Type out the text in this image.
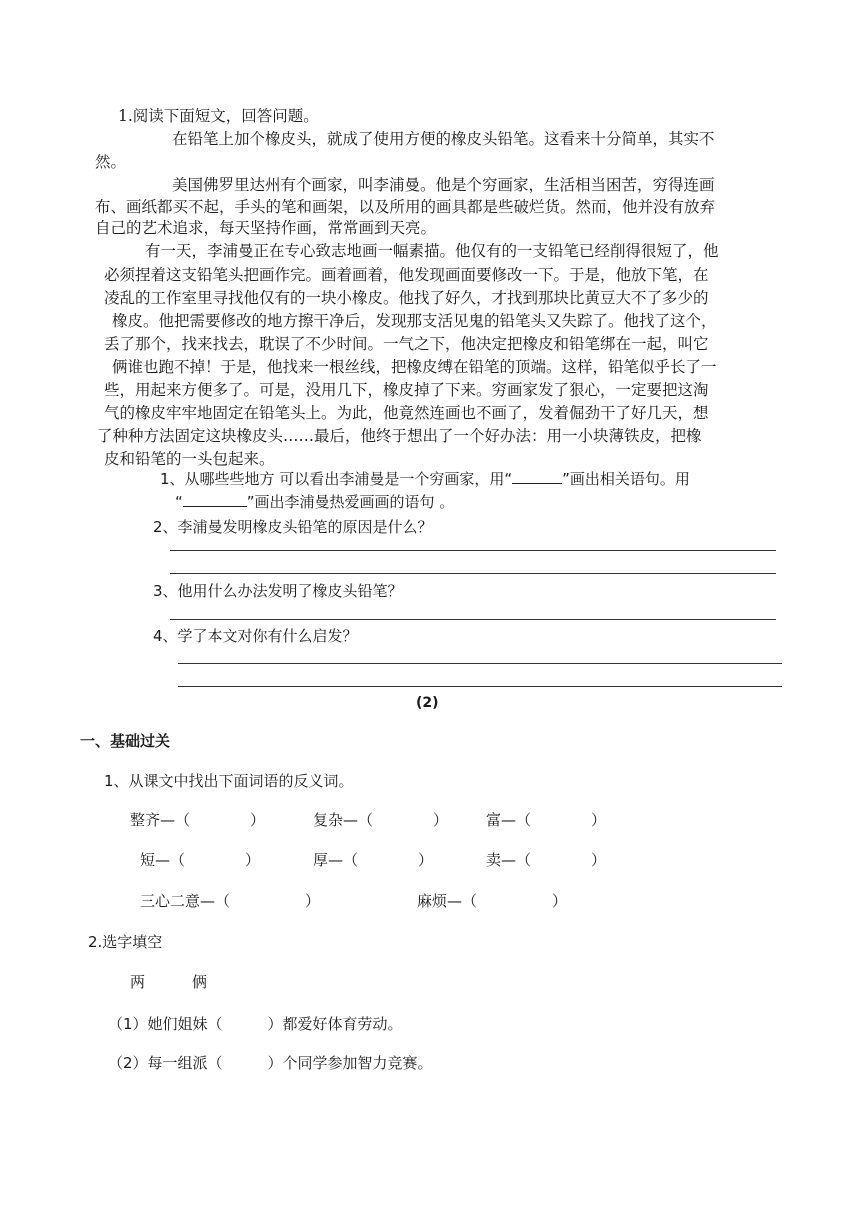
1.阅读下面短文，回答问题。
在铅笔上加个橡皮头，就成了使用方便的橡皮头铅笔。这看来十分简单，其实不
然。
美国佛罗里达州有个画家，叫李浦曼。他是个穷画家，生活相当困苦，穷得连画
布、画纸都买不起，手头的笔和画架，以及所用的画具都是些破烂货。然而，他并没有放弃
自己的艺术追求，每天坚持作画，常常画到天亮。
有一天，李浦曼正在专心致志地画一幅素描。他仅有的一支铅笔已经削得很短了，他
必须捏着这支铅笔头把画作完。画着画着，他发现画面要修改一下。于是，他放下笔，在
凌乱的工作室里寻找他仅有的一块小橡皮。他找了好久，才找到那块比黄豆大不了多少的
橡皮。他把需要修改的地方擦干净后，发现那支活见鬼的铅笔头又失踪了。他找了这个，
丢了那个，找来找去，耽误了不少时间。一气之下，他决定把橡皮和铅笔绑在一起，叫它
俩谁也跑不掉！于是，他找来一根丝线，把橡皮缚在铅笔的顶端。这样，铅笔似乎长了一
些，用起来方便多了。可是，没用几下，橡皮掉了下来。穷画家发了狠心，一定要把这淘
气的橡皮牢牢地固定在铅笔头上。为此，他竟然连画也不画了，发着倔劲干了好几天，想
了种种方法固定这块橡皮头……最后，他终于想出了一个好办法：用一小块薄铁皮，把橡
皮和铅笔的一头包起来。
1、从哪些些地方 可以看出李浦曼是一个穷画家，用“	”画出相关语句。用
“	”画出李浦曼热爱画画的语句 。
2、李浦曼发明橡皮头铅笔的原因是什么？
3、他用什么办法发明了橡皮头铅笔？
4、学了本文对你有什么启发？
(2)
一、基础过关
1、从课文中找出下面词语的反义词。
整齐—（　　　　）	复杂—（　　　　）	富—（　　　　）
短—（　　　　）	厚—（　　　　）	卖—（　　　　）
三心二意—（　　　　　）	麻烦—（　　　　　）
2.选字填空
两	俩
（1）她们姐妹（　　　）都爱好体育劳动。
（2）每一组派（　　　）个同学参加智力竞赛。
